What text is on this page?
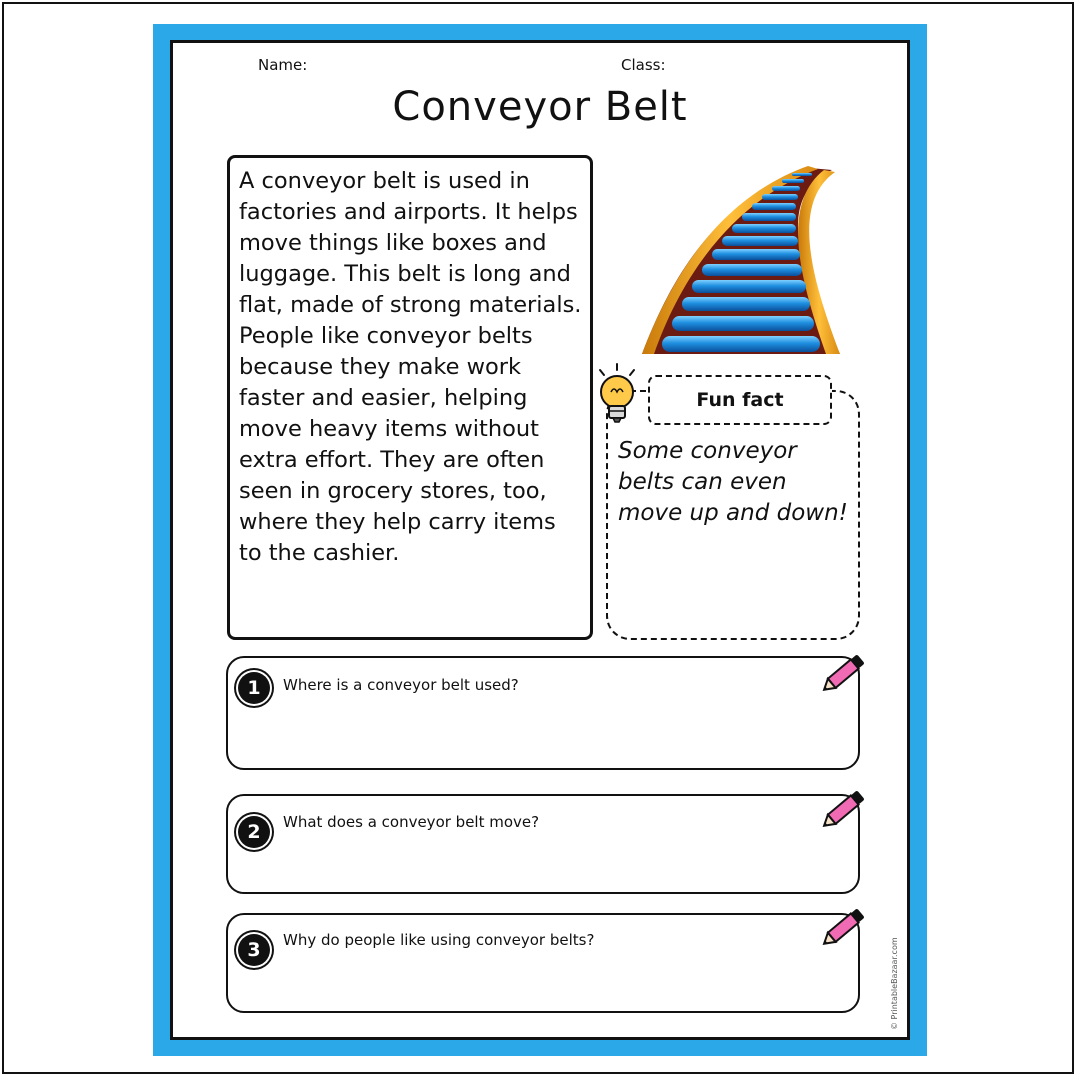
Name:	Class:
Conveyor Belt

A conveyor belt is used in factories and airports. It helps move things like boxes and luggage. This belt is long and flat, made of strong materials. People like conveyor belts because they make work faster and easier, helping move heavy items without extra effort. They are often seen in grocery stores, too, where they help carry items to the cashier.

Fun fact
Some conveyor belts can even move up and down!
1	Where is a conveyor belt used?
2	What does a conveyor belt move?
3	Why do people like using conveyor belts?	© PrintableBazaar.com
